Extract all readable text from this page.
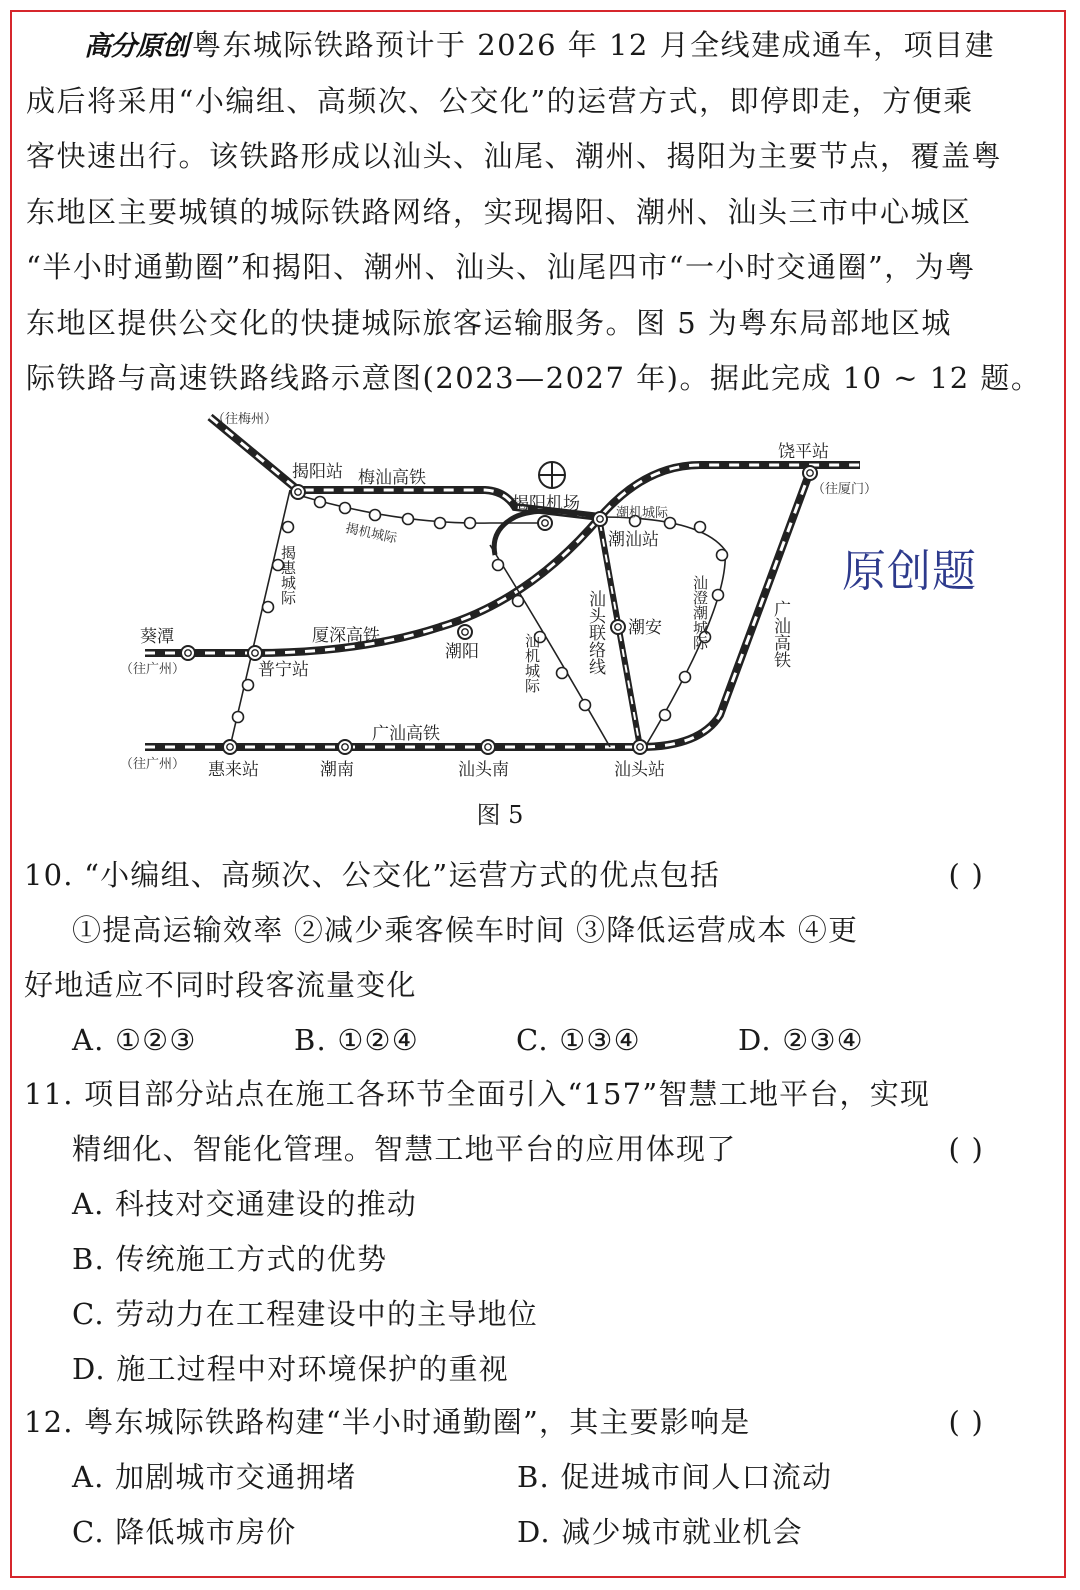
高分原创 粤东城际铁路预计于 2026 年 12 月全线建成通车，项目建
成后将采用“小编组、高频次、公交化”的运营方式，即停即走，方便乘
客快速出行。该铁路形成以汕头、汕尾、潮州、揭阳为主要节点，覆盖粤
东地区主要城镇的城际铁路网络，实现揭阳、潮州、汕头三市中心城区
“半小时通勤圈”和揭阳、潮州、汕头、汕尾四市“一小时交通圈”，为粤
东地区提供公交化的快捷城际旅客运输服务。图 5 为粤东局部地区城
际铁路与高速铁路线路示意图(2023—2027 年)。据此完成 10 ~ 12 题。
（往梅州）
揭阳站 梅汕高铁
揭阳机场
饶平站
（往厦门）
潮机城际
潮汕站
揭机城际
揭惠城际
汕头联络线	汕澄潮城际	广汕高铁
葵潭
（往广州）	普宁站
厦深高铁
潮阳
潮安
汕机城际
广汕高铁
（往广州） 惠来站	潮南	汕头南	汕头站
原创题
图 5
10. “小编组、高频次、公交化”运营方式的优点包括	( )
①提高运输效率 ②减少乘客候车时间 ③降低运营成本 ④更
好地适应不同时段客流量变化
A. ①②③	B. ①②④	C. ①③④	D. ②③④
11. 项目部分站点在施工各环节全面引入“157”智慧工地平台，实现
精细化、智能化管理。智慧工地平台的应用体现了	( )
A. 科技对交通建设的推动
B. 传统施工方式的优势
C. 劳动力在工程建设中的主导地位
D. 施工过程中对环境保护的重视
12. 粤东城际铁路构建“半小时通勤圈”，其主要影响是	( )
A. 加剧城市交通拥堵	B. 促进城市间人口流动
C. 降低城市房价	D. 减少城市就业机会
